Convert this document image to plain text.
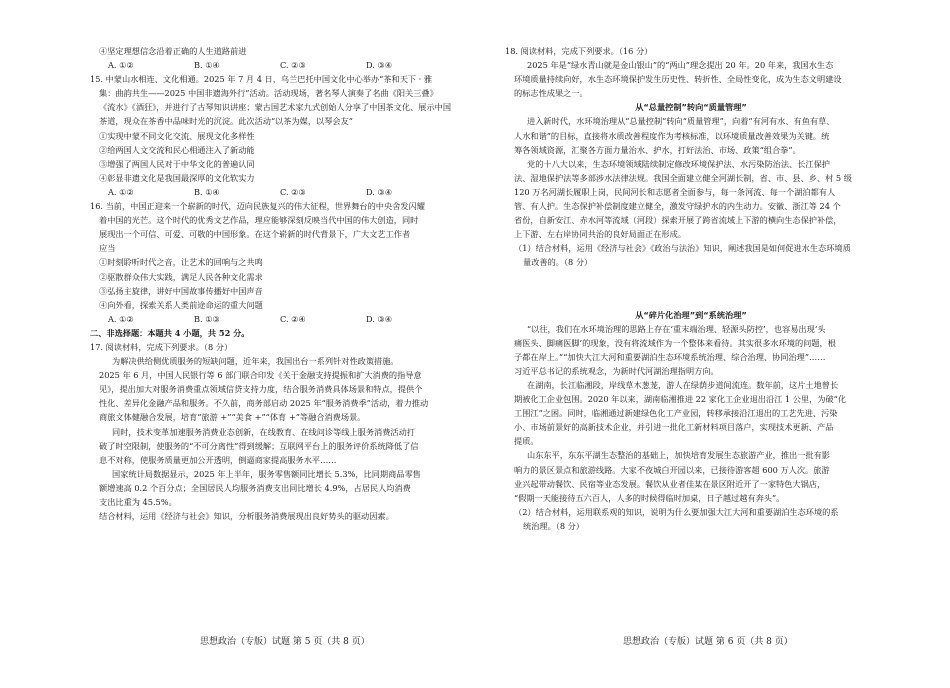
④坚定理想信念沿着正确的人生道路前进
A. ①②	B. ①④	C. ②③	D. ③④
15. 中蒙山水相连、文化相通。2025 年 7 月 4 日，乌兰巴托中国文化中心举办“茶和天下 · 雅
集：曲韵共生——2025 中国非遗海外行”活动。活动现场，著名琴人演奏了名曲《阳关三叠》
《流水》《酒狂》，并进行了古琴知识讲座；蒙古国艺术家九式创始人分享了中国茶文化、展示中国
茶道，现众在茶香中品味时光的沉淀。此次活动“以茶为媒，以琴会友”
①实现中蒙不同文化交流、展现文化多样性
②给两国人文交流和民心相通注入了新动能
③增强了两国人民对于中华文化的普遍认同
④彰显非遗文化是我国最深厚的文化软实力
A. ①②	B. ①④	C. ②③	D. ③④
16. 当前，中国正迎来一个崭新的时代，迈向民族复兴的伟大征程，世界舞台的中央舍发闪耀
着中国的光芒。这个时代的优秀文艺作品，理应能够深刻反映当代中国的伟大创造，同时
展现出一个可信、可爱、可敬的中国形象。在这个崭新的时代背景下，广大文艺工作者
应当
①时刻聆听时代之音，让艺术的回响与之共鸣
②驱散群众伟大实践，满足人民各种文化需求
③弘扬主旋律，讲好中国故事传播好中国声音
④向外看，探索关系人类前途命运的重大问题
A. ①②	B. ①③	C. ②④	D. ③④
二、非选择题：本题共 4 小题，共 52 分。
17. 阅读材料，完成下列要求。（8 分）
为解决供给侧优质服务的短缺问题，近年来，我国出台一系列针对性政策措施。
2025 年 6 月，中国人民银行等 6 部门联合印发《关于金融支持提振和扩大消费的指导意
见》，提出加大对服务消费重点领域信贷支持力度，结合服务消费具体场景和特点，提供个
性化、差异化金融产品和服务。不久前，商务部启动 2025 年“服务消费季”活动，着力推动
商旅文体健融合发展，培育“旅游 +”“美食 +”“体育 +”等融合消费场景。
同时，技术变革加速服务消费业态创新，在线教育、在线问诊等线上服务消费活动打
破了时空限制，使服务的“不可分离性”得到缓解；互联网平台上的服务评价系统降低了信
息不对称，使服务质量更加公开透明，倒逼商家提高服务水平……
国家统计局数据显示，2025 年上半年，服务零售额同比增长 5.3%，比同期商品零售
额增速高 0.2 个百分点；全国居民人均服务消费支出同比增长 4.9%，占居民人均消费
支出比重为 45.5%。
结合材料，运用《经济与社会》知识，分析服务消费展现出良好势头的驱动因素。
思想政治（专版）试题 第 5 页（共 8 页）
18. 阅读材料，完成下列要求。（16 分）
2025 年是“绿水青山就是金山银山”的“两山”理念提出 20 年。20 年来，我国水生态
环境质量持续向好，水生态环境保护发生历史性、转折性、全局性变化，成为生态文明建设
的标志性成果之一。
从“总量控制”转向“质量管理”
进入新时代，水环境治理从“总量控制”转向“质量管理”，向着“有河有水、有鱼有草、
人水和谐”的目标，直接将水质改善程度作为考核标准，以环境质量改善效果为关键。统
筹各领域资源，汇聚各方面力量治水、护水，打好法治、市场、政策“组合拳”。
党的十八大以来，生态环境领域陆续制定修改环境保护法、水污染防治法、长江保护
法、湿地保护法等多部涉水法律法规。我国全面建立健全河湖长制，省、市、县、乡、村 5 级
120 万名河湖长履职上岗，民间河长和志愿者全面参与，每一条河流、每一个湖泊都有人
管、有人护。生态保护补偿制度建立健全，激发守绿护水的内生动力。安徽、浙江等 24 个
省份，自新安江、赤水河等流域（河段）探索开展了跨省流域上下游的横向生态保护补偿，
上下游、左右岸协同共治的良好局面正在形成。
（1）结合材料，运用《经济与社会》《政治与法治》知识，阐述我国是如何促进水生态环境质
量改善的。（8 分）
从“碎片化治理”到“系统治理”
“以往，我们在水环境治理的思路上存在‘重末端治理、轻源头防控’，也容易出现‘头
痛医头、脚痛医脚’的现象，没有将流域作为一个整体来看待。其实很多水环境的问题，根
子都在岸上。”“加快大江大河和重要湖泊生态环境系统治理、综合治理、协同治理”……
习近平总书记的系统观念，为新时代河湖治理指明方向。
在湖南，长江临湘段，岸线草木葱茏，游人在绿荫步道间流连。数年前，这片土地曾长
期被化工企业包围。2020 年以来，湖南临湘推进 22 家化工企业退出沿江 1 公里，为破“化
工围江”之困。同时，临湘通过新建绿色化工产业园，转移承接沿江退出的工艺先进、污染
小、市场前景好的高新技术企业，并引进一批化工新材料项目落户，实现技术更新、产品
提质。
山东东平，东东平湖生态整治的基础上，加快培育发展生态旅游产业，推出一批有影
响力的景区景点和旅游线路。大家不夜城白开园以来，已接待游客超 600 万人次。旅游
业兴起带动餐饮、民宿等业态发展。餐饮从业者佳某在景区附近开了一家特色大锅店，
“假期一天能接待五六百人，人多的时候得临时加桌，日子越过越有奔头”。
（2）结合材料，运用联系观的知识，说明为什么要加强大江大河和重要湖泊生态环境的系
统治理。（8 分）
思想政治（专版）试题 第 6 页（共 8 页）
